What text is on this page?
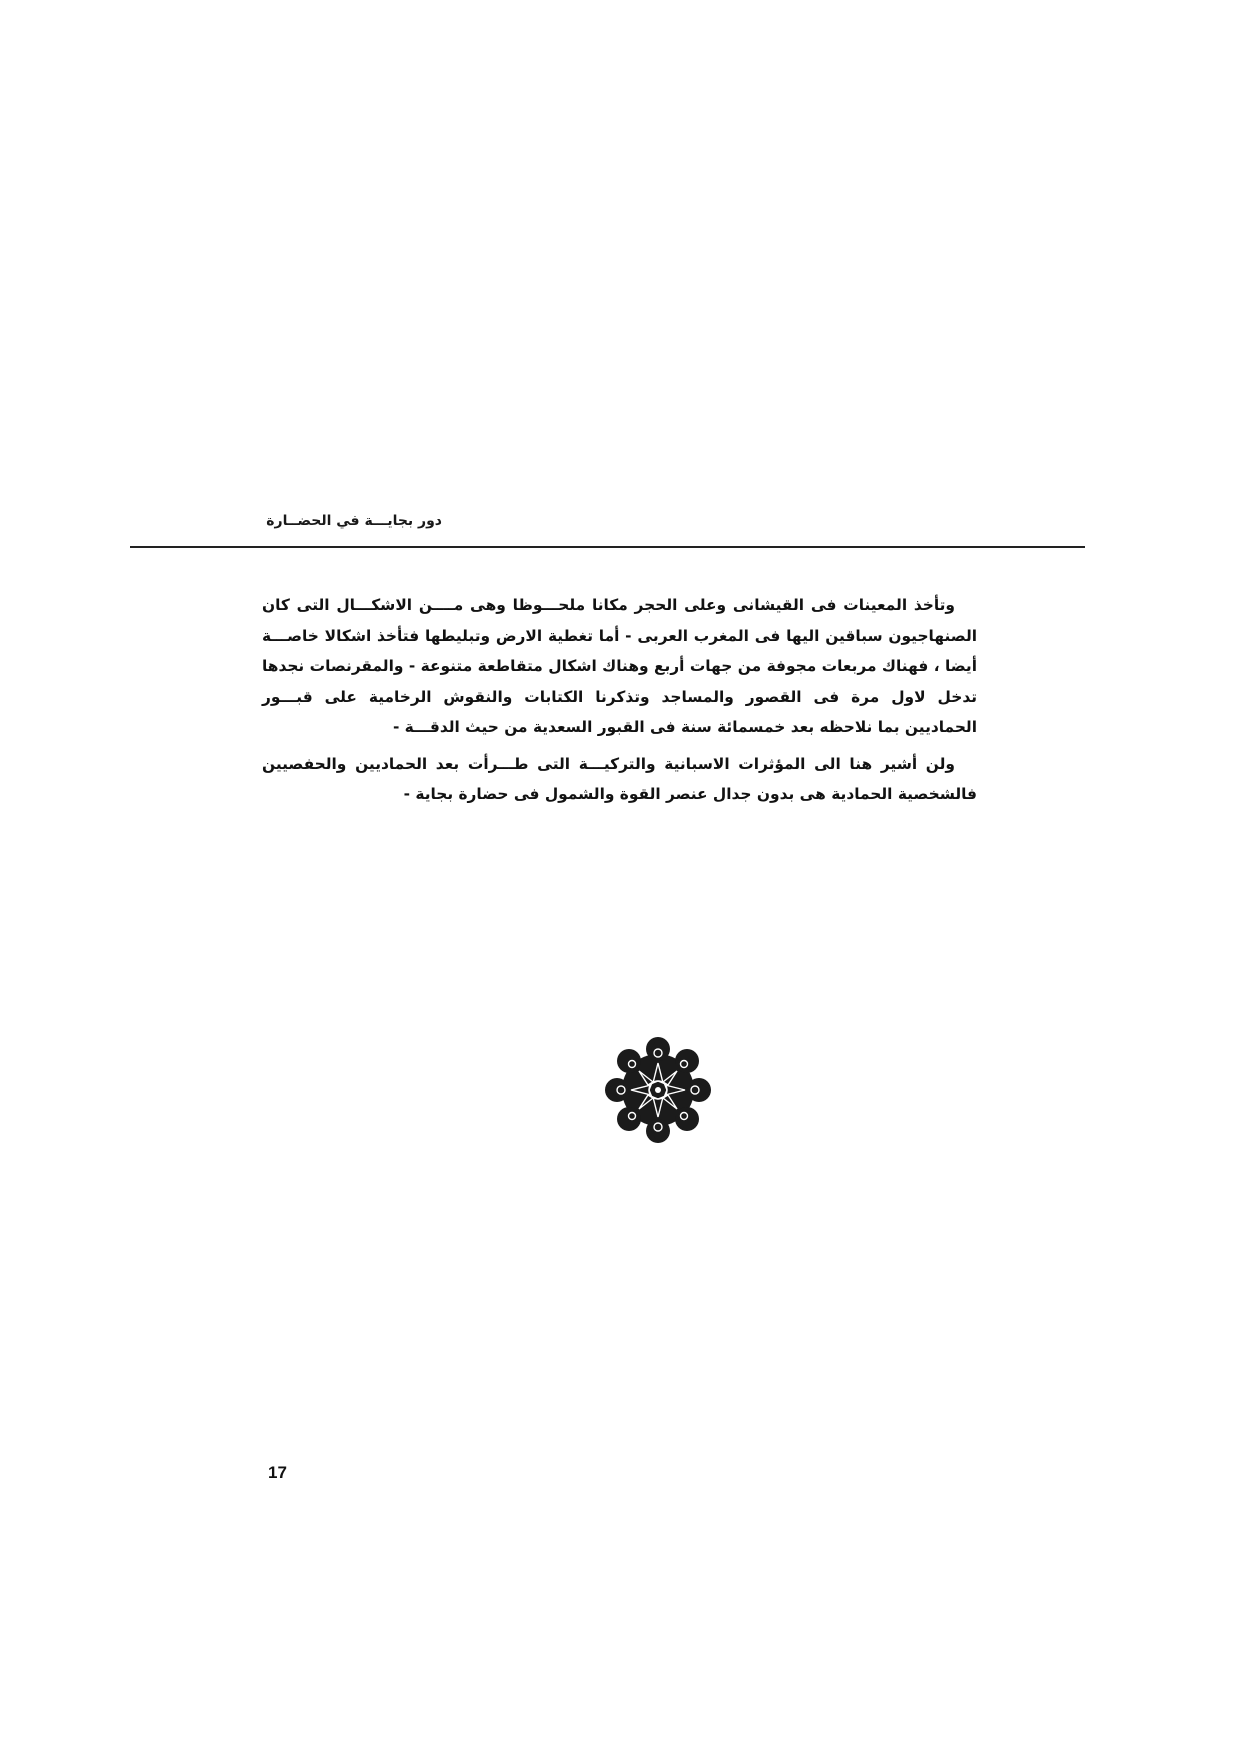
دور بجايـــة في الحضــارة

وتأخذ المعينات فى القيشانى وعلى الحجر مكانا ملحـــوظا وهى مــــن الاشكـــال التى كان الصنهاجيون سباقين اليها فى المغرب العربى - أما تغطية الارض وتبليطها فتأخذ اشكالا خاصـــة أيضا ، فهناك مربعات مجوفة من جهات أربع وهناك اشكال متقاطعة متنوعة - والمقرنصات نجدها تدخل لاول مرة فى القصور والمساجد وتذكرنا الكتابات والنقوش الرخامية على قبـــور الحماديين بما نلاحظه بعد خمسمائة سنة فى القبور السعدية من حيث الدقـــة -

ولن أشير هنا الى المؤثرات الاسبانية والتركيـــة التى طـــرأت بعد الحماديين والحفصيين فالشخصية الحمادية هى بدون جدال عنصر القوة والشمول فى حضارة بجاية -

17
